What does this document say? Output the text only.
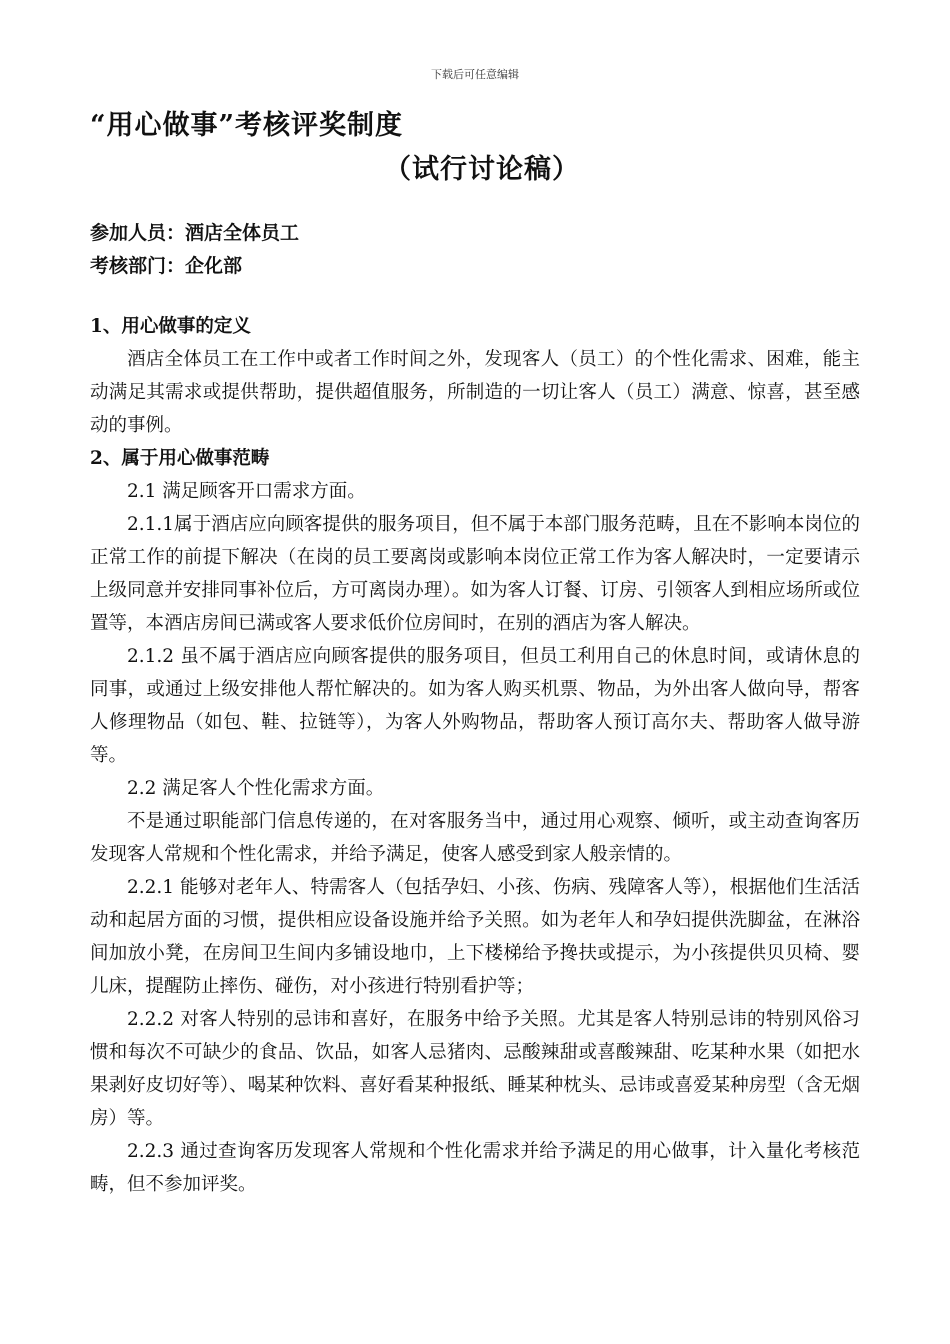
下载后可任意编辑
“用心做事”考核评奖制度
（试行讨论稿）
参加人员：酒店全体员工
考核部门：企化部

1、用心做事的定义

酒店全体员工在工作中或者工作时间之外，发现客人（员工）的个性化需求、困难，能主动满足其需求或提供帮助，提供超值服务，所制造的一切让客人（员工）满意、惊喜，甚至感动的事例。

2、属于用心做事范畴

2.1 满足顾客开口需求方面。

2.1.1属于酒店应向顾客提供的服务项目，但不属于本部门服务范畴，且在不影响本岗位的正常工作的前提下解决（在岗的员工要离岗或影响本岗位正常工作为客人解决时，一定要请示上级同意并安排同事补位后，方可离岗办理）。如为客人订餐、订房、引领客人到相应场所或位置等，本酒店房间已满或客人要求低价位房间时，在别的酒店为客人解决。

2.1.2 虽不属于酒店应向顾客提供的服务项目，但员工利用自己的休息时间，或请休息的同事，或通过上级安排他人帮忙解决的。如为客人购买机票、物品，为外出客人做向导，帮客人修理物品（如包、鞋、拉链等），为客人外购物品，帮助客人预订高尔夫、帮助客人做导游等。

2.2 满足客人个性化需求方面。

不是通过职能部门信息传递的，在对客服务当中，通过用心观察、倾听，或主动查询客历发现客人常规和个性化需求，并给予满足，使客人感受到家人般亲情的。

2.2.1 能够对老年人、特需客人（包括孕妇、小孩、伤病、残障客人等），根据他们生活活动和起居方面的习惯，提供相应设备设施并给予关照。如为老年人和孕妇提供洗脚盆，在淋浴间加放小凳，在房间卫生间内多铺设地巾，上下楼梯给予搀扶或提示，为小孩提供贝贝椅、婴儿床，提醒防止摔伤、碰伤，对小孩进行特别看护等；

2.2.2 对客人特别的忌讳和喜好，在服务中给予关照。尤其是客人特别忌讳的特别风俗习惯和每次不可缺少的食品、饮品，如客人忌猪肉、忌酸辣甜或喜酸辣甜、吃某种水果（如把水果剥好皮切好等）、喝某种饮料、喜好看某种报纸、睡某种枕头、忌讳或喜爱某种房型（含无烟房）等。

2.2.3 通过查询客历发现客人常规和个性化需求并给予满足的用心做事，计入量化考核范畴，但不参加评奖。
